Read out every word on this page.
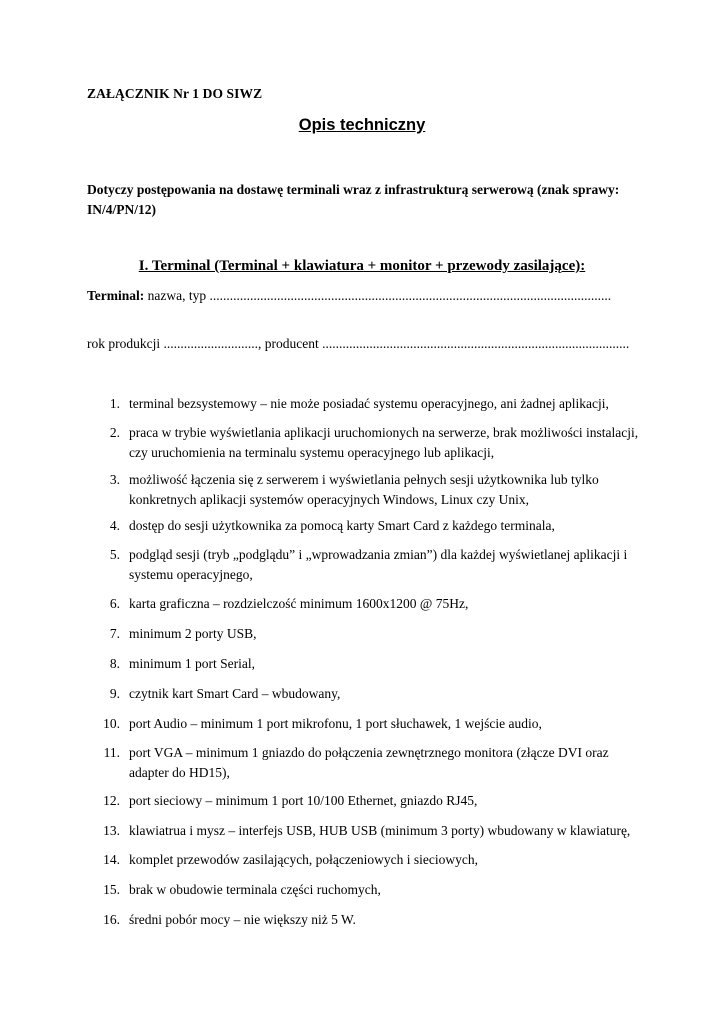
ZAŁĄCZNIK Nr 1 DO SIWZ
Opis techniczny
Dotyczy postępowania na dostawę terminali wraz z infrastrukturą serwerową (znak sprawy: IN/4/PN/12)
I. Terminal (Terminal + klawiatura + monitor + przewody zasilające):
Terminal: nazwa, typ .......................................................................................................................
rok produkcji ............................, producent ...........................................................................................
1. terminal bezsystemowy – nie może posiadać systemu operacyjnego, ani żadnej aplikacji,
2. praca w trybie wyświetlania aplikacji uruchomionych na serwerze, brak możliwości instalacji, czy uruchomienia na terminalu systemu operacyjnego lub aplikacji,
3. możliwość łączenia się z serwerem i wyświetlania pełnych sesji użytkownika lub tylko konkretnych aplikacji systemów operacyjnych Windows, Linux czy Unix,
4. dostęp do sesji użytkownika za pomocą karty Smart Card z każdego terminala,
5. podgląd sesji (tryb „podglądu” i „wprowadzania zmian”) dla każdej wyświetlanej aplikacji i systemu operacyjnego,
6. karta graficzna – rozdzielczość minimum 1600x1200 @ 75Hz,
7. minimum 2 porty USB,
8. minimum 1 port Serial,
9. czytnik kart Smart Card – wbudowany,
10. port Audio – minimum 1 port mikrofonu, 1 port słuchawek, 1 wejście audio,
11. port VGA – minimum 1 gniazdo do połączenia zewnętrznego monitora (złącze DVI oraz adapter do HD15),
12. port sieciowy – minimum 1 port 10/100 Ethernet, gniazdo RJ45,
13. klawiatrua i mysz – interfejs USB, HUB USB (minimum 3 porty) wbudowany w klawiaturę,
14. komplet przewodów zasilających, połączeniowych i sieciowych,
15. brak w obudowie terminala części ruchomych,
16. średni pobór mocy – nie większy niż 5 W.
